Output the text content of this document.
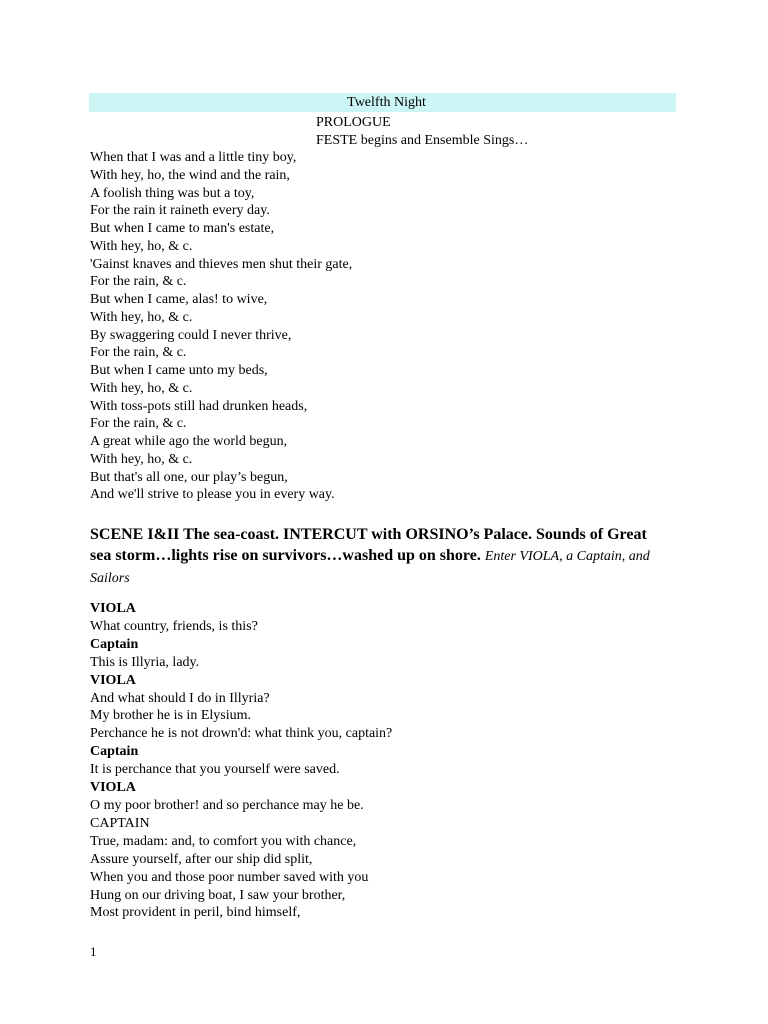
Twelfth Night
PROLOGUE
FESTE begins and Ensemble Sings…
When that I was and a little tiny boy,
With hey, ho, the wind and the rain,
A foolish thing was but a toy,
For the rain it raineth every day.
But when I came to man's estate,
With hey, ho, & c.
'Gainst knaves and thieves men shut their gate,
For the rain, & c.
But when I came, alas! to wive,
With hey, ho, & c.
By swaggering could I never thrive,
For the rain, & c.
But when I came unto my beds,
With hey, ho, & c.
With toss-pots still had drunken heads,
For the rain, & c.
A great while ago the world begun,
With hey, ho, & c.
But that's all one, our play’s begun,
And we'll strive to please you in every way.
SCENE I&II The sea-coast. INTERCUT with ORSINO’s Palace. Sounds of Great sea storm…lights rise on survivors…washed up on shore. Enter VIOLA, a Captain, and Sailors
VIOLA
What country, friends, is this?
Captain
This is Illyria, lady.
VIOLA
And what should I do in Illyria?
My brother he is in Elysium.
Perchance he is not drown'd: what think you, captain?
Captain
It is perchance that you yourself were saved.
VIOLA
O my poor brother! and so perchance may he be.
CAPTAIN
True, madam: and, to comfort you with chance,
Assure yourself, after our ship did split,
When you and those poor number saved with you
Hung on our driving boat, I saw your brother,
Most provident in peril, bind himself,
1
